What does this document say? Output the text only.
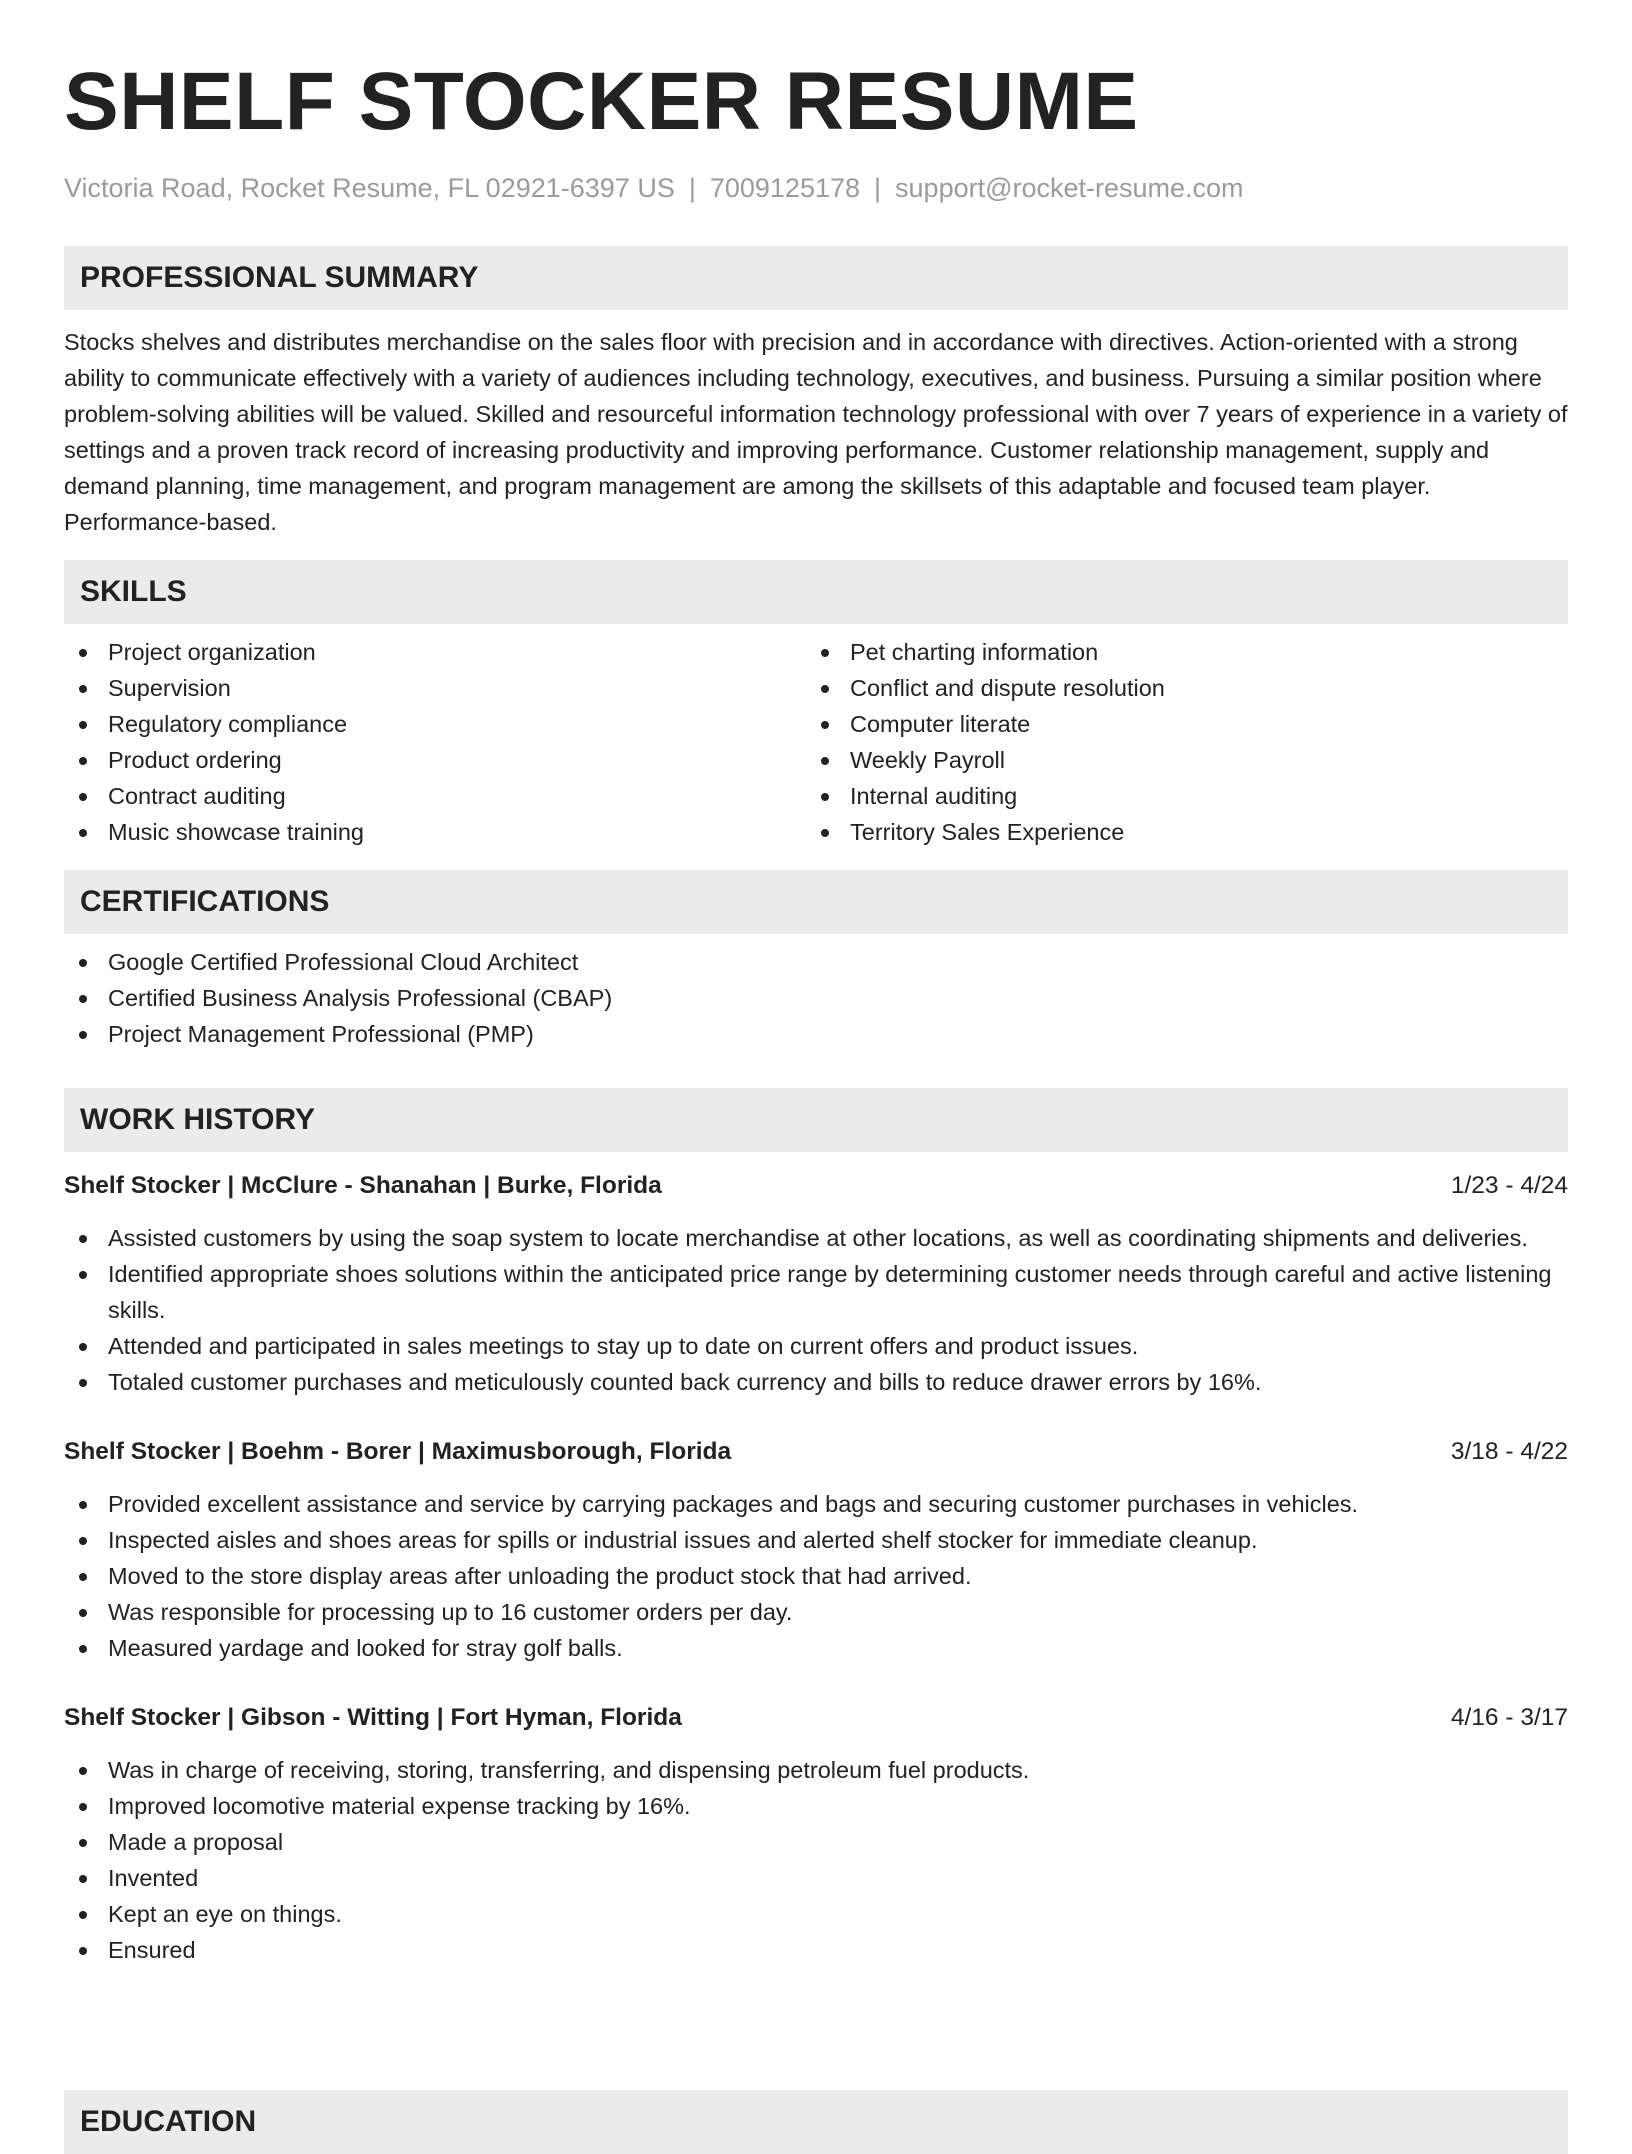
SHELF STOCKER RESUME
Victoria Road, Rocket Resume, FL 02921-6397 US | 7009125178 | support@rocket-resume.com
PROFESSIONAL SUMMARY

Stocks shelves and distributes merchandise on the sales floor with precision and in accordance with directives. Action-oriented with a strong ability to communicate effectively with a variety of audiences including technology, executives, and business. Pursuing a similar position where problem-solving abilities will be valued. Skilled and resourceful information technology professional with over 7 years of experience in a variety of settings and a proven track record of increasing productivity and improving performance. Customer relationship management, supply and demand planning, time management, and program management are among the skillsets of this adaptable and focused team player. Performance-based.

SKILLS
Project organization
Supervision
Regulatory compliance
Product ordering
Contract auditing
Music showcase training
Pet charting information
Conflict and dispute resolution
Computer literate
Weekly Payroll
Internal auditing
Territory Sales Experience
CERTIFICATIONS
Google Certified Professional Cloud Architect
Certified Business Analysis Professional (CBAP)
Project Management Professional (PMP)
WORK HISTORY
Shelf Stocker | McClure - Shanahan | Burke, Florida	1/23 - 4/24
Assisted customers by using the soap system to locate merchandise at other locations, as well as coordinating shipments and deliveries.
Identified appropriate shoes solutions within the anticipated price range by determining customer needs through careful and active listening skills.
Attended and participated in sales meetings to stay up to date on current offers and product issues.
Totaled customer purchases and meticulously counted back currency and bills to reduce drawer errors by 16%.
Shelf Stocker | Boehm - Borer | Maximusborough, Florida	3/18 - 4/22
Provided excellent assistance and service by carrying packages and bags and securing customer purchases in vehicles.
Inspected aisles and shoes areas for spills or industrial issues and alerted shelf stocker for immediate cleanup.
Moved to the store display areas after unloading the product stock that had arrived.
Was responsible for processing up to 16 customer orders per day.
Measured yardage and looked for stray golf balls.
Shelf Stocker | Gibson - Witting | Fort Hyman, Florida	4/16 - 3/17
Was in charge of receiving, storing, transferring, and dispensing petroleum fuel products.
Improved locomotive material expense tracking by 16%.
Made a proposal
Invented
Kept an eye on things.
Ensured
EDUCATION
